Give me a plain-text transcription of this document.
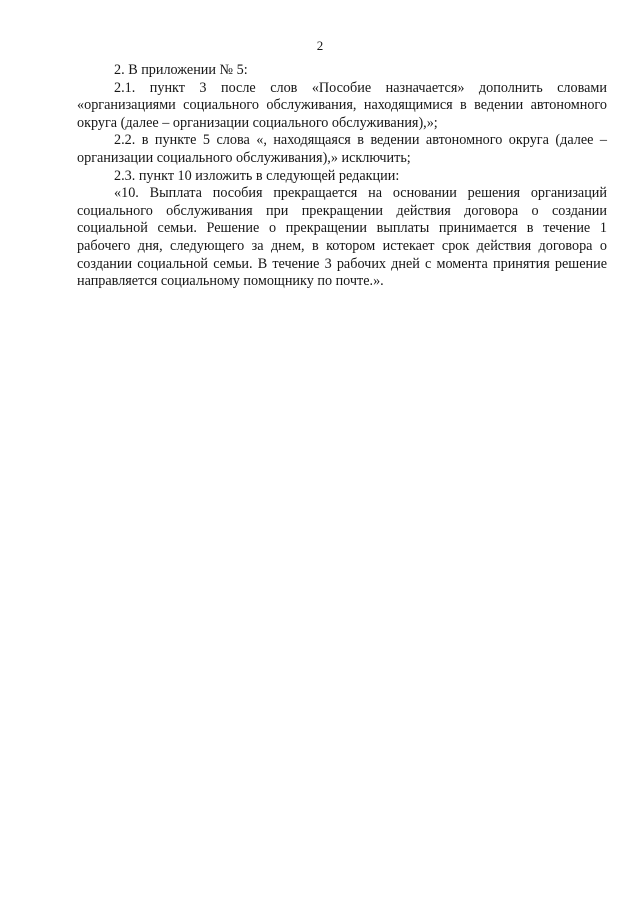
2

2. В приложении № 5:

2.1. пункт 3 после слов «Пособие назначается» дополнить словами «организациями социального обслуживания, находящимися в ведении автономного округа (далее – организации социального обслуживания),»;

2.2. в пункте 5 слова «, находящаяся в ведении автономного округа (далее – организации социального обслуживания),» исключить;

2.3. пункт 10 изложить в следующей редакции:

«10. Выплата пособия прекращается на основании решения организаций социального обслуживания при прекращении действия договора о создании социальной семьи. Решение о прекращении выплаты принимается в течение 1 рабочего дня, следующего за днем, в котором истекает срок действия договора о создании социальной семьи. В течение 3 рабочих дней с момента принятия решение направляется социальному помощнику по почте.».
